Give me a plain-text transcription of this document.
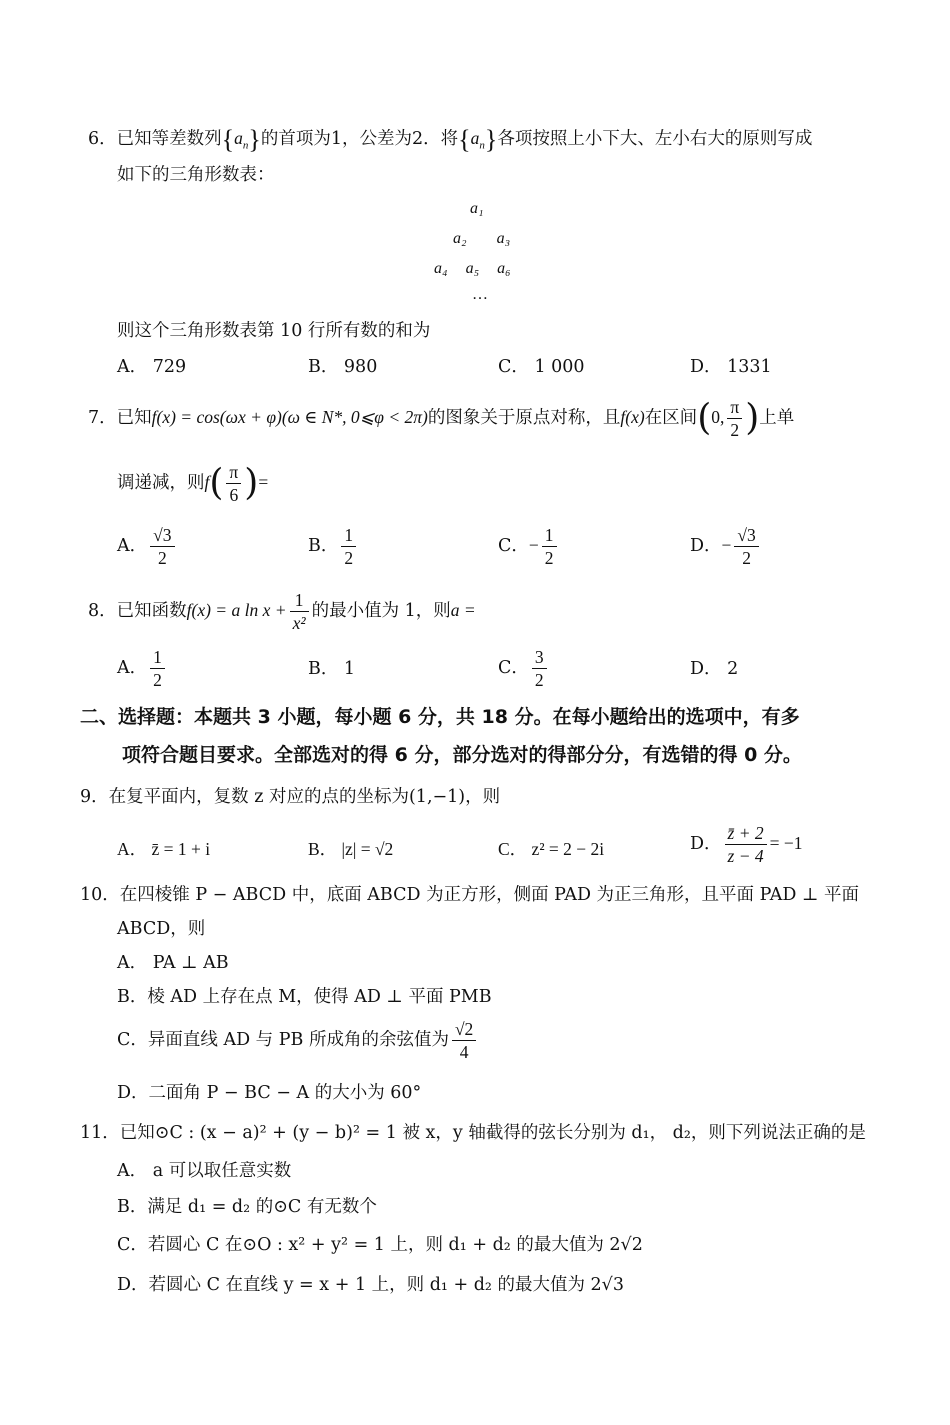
6．已知等差数列$\{a_n\}$的首项为1，公差为2．将$\{a_n\}$各项按照上小下大、左小右大的原则写成
如下的三角形数表：
a₁
a₂ a₃
a₄ a₅ a₆
…
则这个三角形数表第 10 行所有数的和为
A． 729	B． 980	C． 1 000	D． 1331
7．已知f(x) = cos(ωx + φ)(ω ∈ N*, 0⩽φ < 2π)的图象关于原点对称，且f(x)在区间(0, $\frac{\pi}{2}$ )上单
调递减，则$f( \frac{\pi}{6}$ )=
A． $\frac{√3}{2}$	B． $\frac{1}{2}$	C．− $\frac{1}{2}$	D．− $\frac{√3}{2}$
8．已知函数f(x) = a $\ln x + \frac{1}{\text{x²}}$ 的最小值为 1，则a =
A． $\frac{1}{2}$	B． 1	C． $\frac{3}{2}$	D． 2
二、选择题：本题共 3 小题，每小题 6 分，共 18 分。在每小题给出的选项中，有多
项符合题目要求。全部选对的得 6 分，部分选对的得部分分，有选错的得 0 分。
9．在复平面内，复数 z 对应的点的坐标为(1,−1)，则
A． z̄ = 1 + i	B． |z| = √2	C． z² = 2 − 2i	D． $\frac{z̄ + 2}{z - 4} = -1$
10．在四棱锥 P − ABCD 中，底面 ABCD 为正方形，侧面 PAD 为正三角形，且平面 PAD ⊥ 平面
ABCD，则
A． PA ⊥ AB
B．棱 AD 上存在点 M，使得 AD ⊥ 平面 PMB
C．异面直线 AD 与 PB 所成角的余弦值为 $\frac{√2}{4}$
D．二面角 P − BC − A 的大小为 60°
11．已知⊙C : (x − a)² + (y − b)² = 1 被 x，y 轴截得的弦长分别为 d₁， d₂，则下列说法正确的是
A． a 可以取任意实数
B．满足 d₁ = d₂ 的⊙C 有无数个
C．若圆心 C 在⊙O : x² + y² = 1 上，则 d₁ + d₂ 的最大值为 2√2
D．若圆心 C 在直线 y = x + 1 上，则 d₁ + d₂ 的最大值为 2√3
